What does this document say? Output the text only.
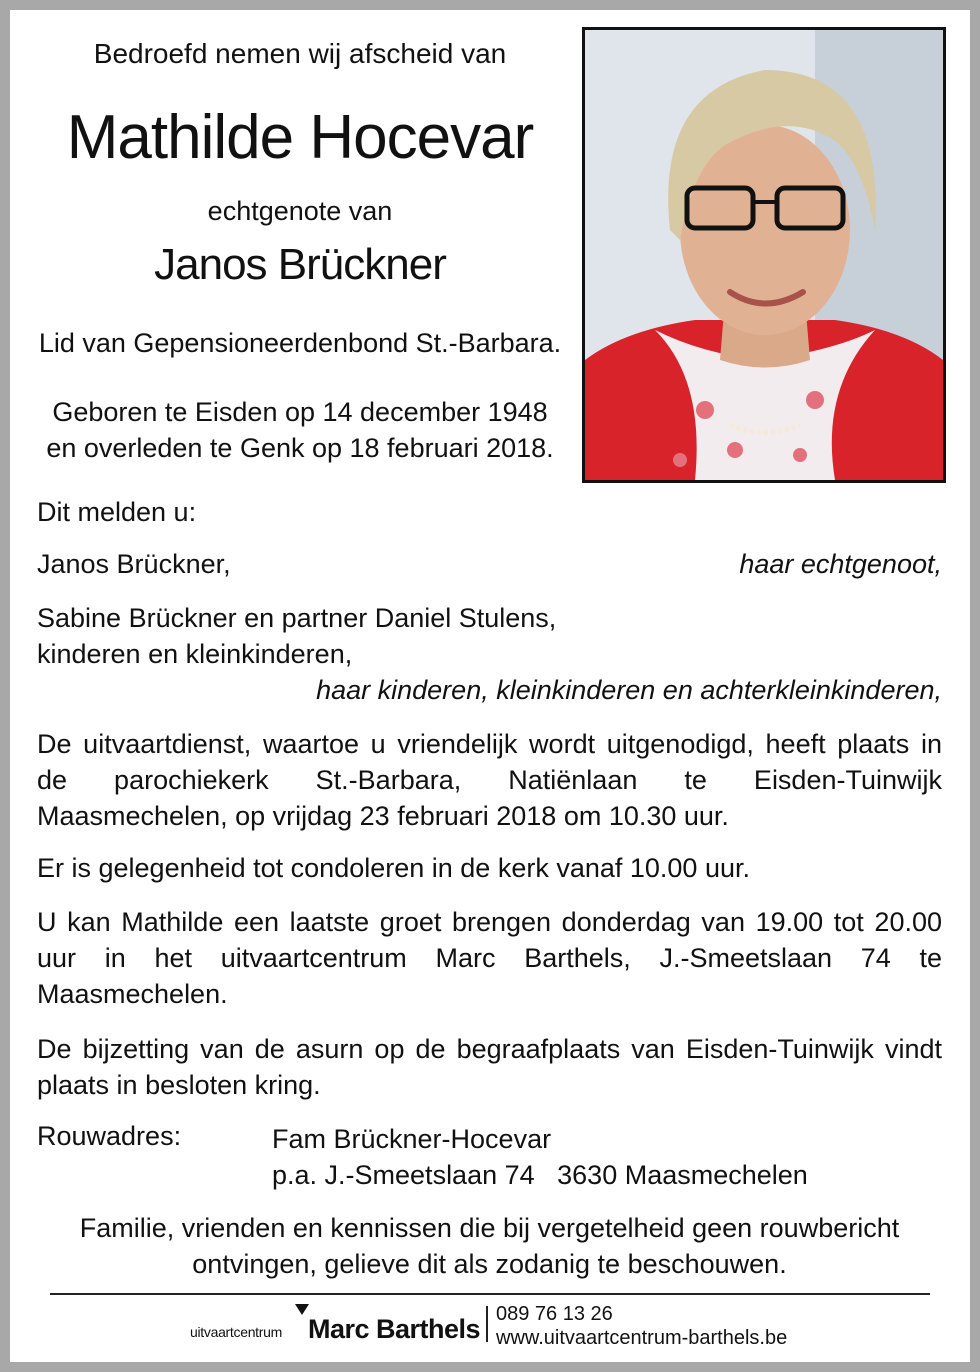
Bedroefd nemen wij afscheid van

Mathilde Hocevar

echtgenote van

Janos Brückner

Lid van Gepensioneerdenbond St.-Barbara.

Geboren te Eisden op 14 december 1948
en overleden te Genk op 18 februari 2018.

Dit melden u:

Janos Brückner,	haar echtgenoot,

Sabine Brückner en partner Daniel Stulens,
kinderen en kleinkinderen,
haar kinderen, kleinkinderen en achterkleinkinderen,

De uitvaartdienst, waartoe u vriendelijk wordt uitgenodigd, heeft plaats in de parochiekerk St.-Barbara, Natiënlaan te Eisden-Tuinwijk Maasmechelen, op vrijdag 23 februari 2018 om 10.30 uur.

Er is gelegenheid tot condoleren in de kerk vanaf 10.00 uur.

U kan Mathilde een laatste groet brengen donderdag van 19.00 tot 20.00 uur in het uitvaartcentrum Marc Barthels, J.-Smeetslaan 74 te Maasmechelen.

De bijzetting van de asurn op de begraafplaats van Eisden-Tuinwijk vindt plaats in besloten kring.

Rouwadres:	Fam Brückner-Hocevar
p.a. J.-Smeetslaan 74   3630 Maasmechelen
Familie, vrienden en kennissen die bij vergetelheid geen rouwbericht
ontvingen, gelieve dit als zodanig te beschouwen.
uitvaartcentrum Marc Barthels 089 76 13 26
www.uitvaartcentrum-barthels.be
